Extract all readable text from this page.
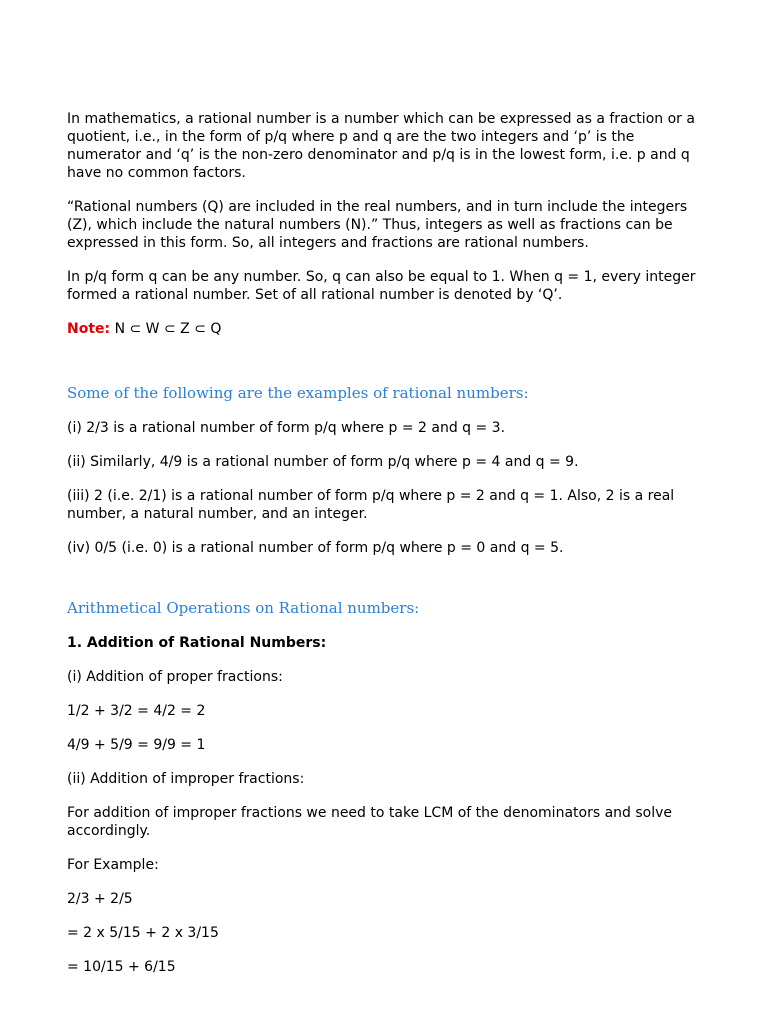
In mathematics, a rational number is a number which can be expressed as a fraction or a quotient, i.e., in the form of p/q where p and q are the two integers and ‘p’ is the numerator and ‘q’ is the non-zero denominator and p/q is in the lowest form, i.e. p and q have no common factors.

“Rational numbers (Q) are included in the real numbers, and in turn include the integers (Z), which include the natural numbers (N).” Thus, integers as well as fractions can be expressed in this form. So, all integers and fractions are rational numbers.

In p/q form q can be any number. So, q can also be equal to 1. When q = 1, every integer formed a rational number. Set of all rational number is denoted by ‘Q’.

Note: N ⊂ W ⊂ Z ⊂ Q

Some of the following are the examples of rational numbers:

(i) 2/3 is a rational number of form p/q where p = 2 and q = 3.

(ii) Similarly, 4/9 is a rational number of form p/q where p = 4 and q = 9.

(iii) 2 (i.e. 2/1) is a rational number of form p/q where p = 2 and q = 1. Also, 2 is a real number, a natural number, and an integer.

(iv) 0/5 (i.e. 0) is a rational number of form p/q where p = 0 and q = 5.

Arithmetical Operations on Rational numbers:
1. Addition of Rational Numbers:

(i) Addition of proper fractions:

1/2 + 3/2 = 4/2 = 2

4/9 + 5/9 = 9/9 = 1

(ii) Addition of improper fractions:

For addition of improper fractions we need to take LCM of the denominators and solve accordingly.

For Example:

2/3 + 2/5

= 2 x 5/15 + 2 x 3/15

= 10/15 + 6/15
